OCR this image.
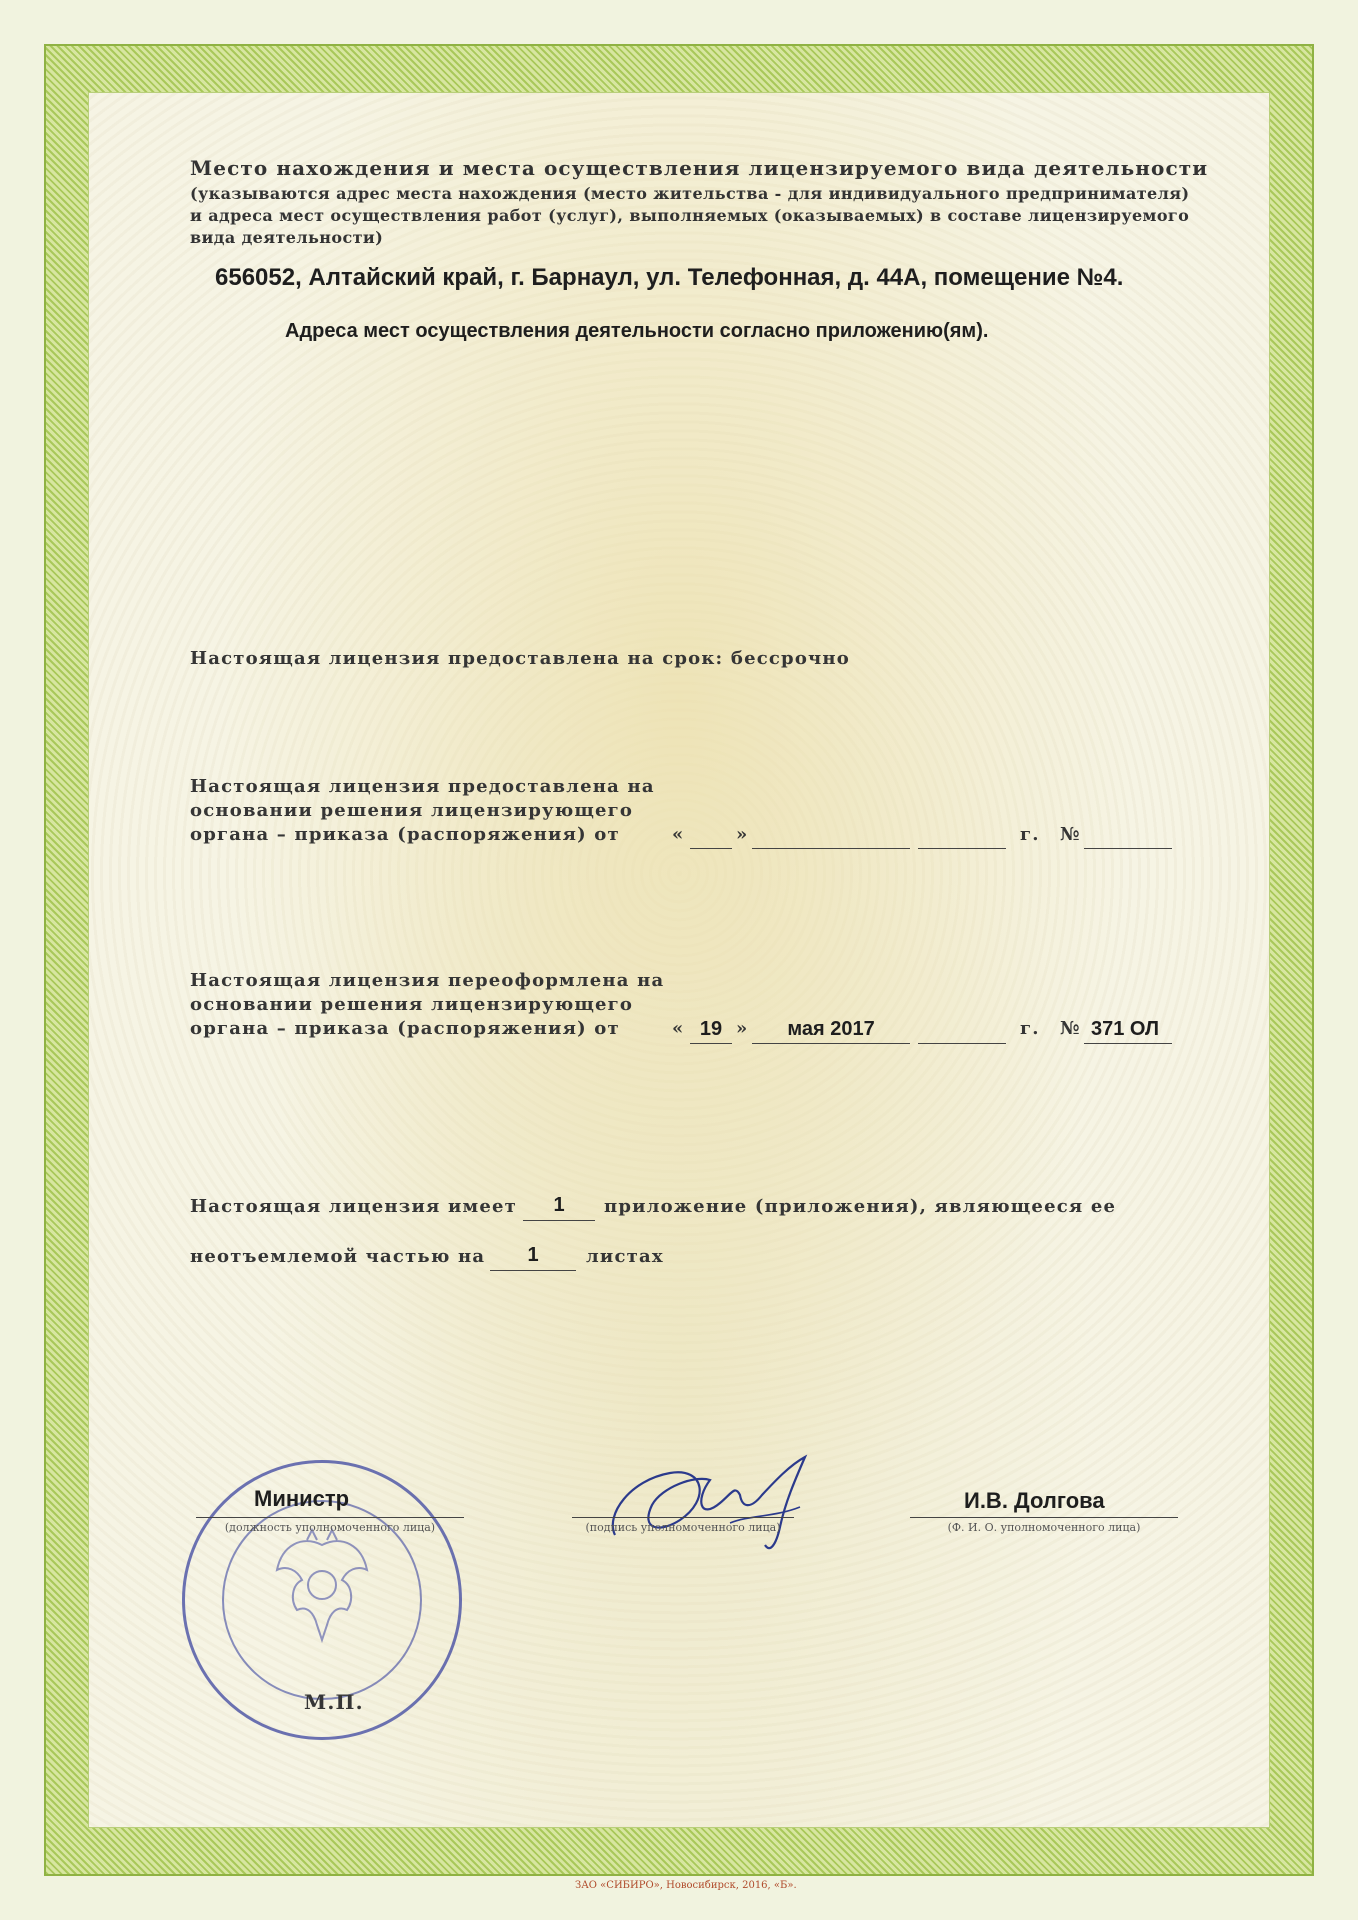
Место нахождения и места осуществления лицензируемого вида деятельности
(указываются адрес места нахождения (место жительства - для индивидуального предпринимателя)
и адреса мест осуществления работ (услуг), выполняемых (оказываемых) в составе лицензируемого
вида деятельности)
656052, Алтайский край, г. Барнаул, ул. Телефонная, д. 44А, помещение №4.
Адреса мест осуществления деятельности согласно приложению(ям).
Настоящая лицензия предоставлена на срок: бессрочно
Настоящая лицензия предоставлена на
основании решения лицензирующего
органа – приказа (распоряжения) от	«	»	г. №
Настоящая лицензия переоформлена на
основании решения лицензирующего
органа – приказа (распоряжения) от	« 19 »	мая 2017	г. № 371 ОЛ
Настоящая лицензия имеет	1	приложение (приложения), являющееся ее
неотъемлемой частью на	1	листах
Министр
(должность уполномоченного лица)
М.П.
(подпись уполномоченного лица)
И.В. Долгова
(Ф. И. О. уполномоченного лица)
ЗАО «СИБИРО», Новосибирск, 2016, «Б».
